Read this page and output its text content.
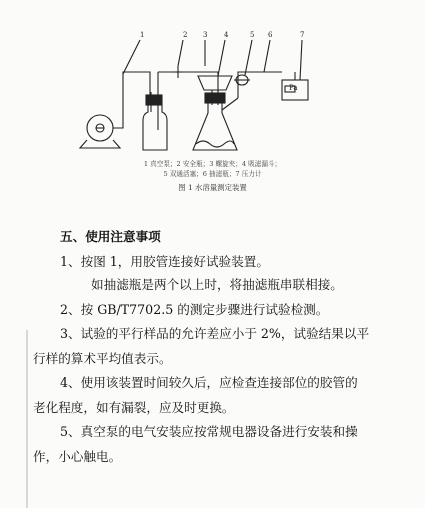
Pa
1	2 3 4	5 6	7
1 真空泵；2 安全瓶；3 螺旋夹；4 吸滤漏斗；
5 双通活塞；6 抽滤瓶；7 压力计
图 1 水溶量测定装置
五、使用注意事项
1、按图 1，用胶管连接好试验装置。
如抽滤瓶是两个以上时，将抽滤瓶串联相接。
2、按 GB/T7702.5 的测定步骤进行试验检测。
3、试验的平行样品的允许差应小于 2%，试验结果以平
行样的算术平均值表示。
4、使用该装置时间较久后，应检查连接部位的胶管的
老化程度，如有漏裂，应及时更换。
5、真空泵的电气安装应按常规电器设备进行安装和操
作，小心触电。
